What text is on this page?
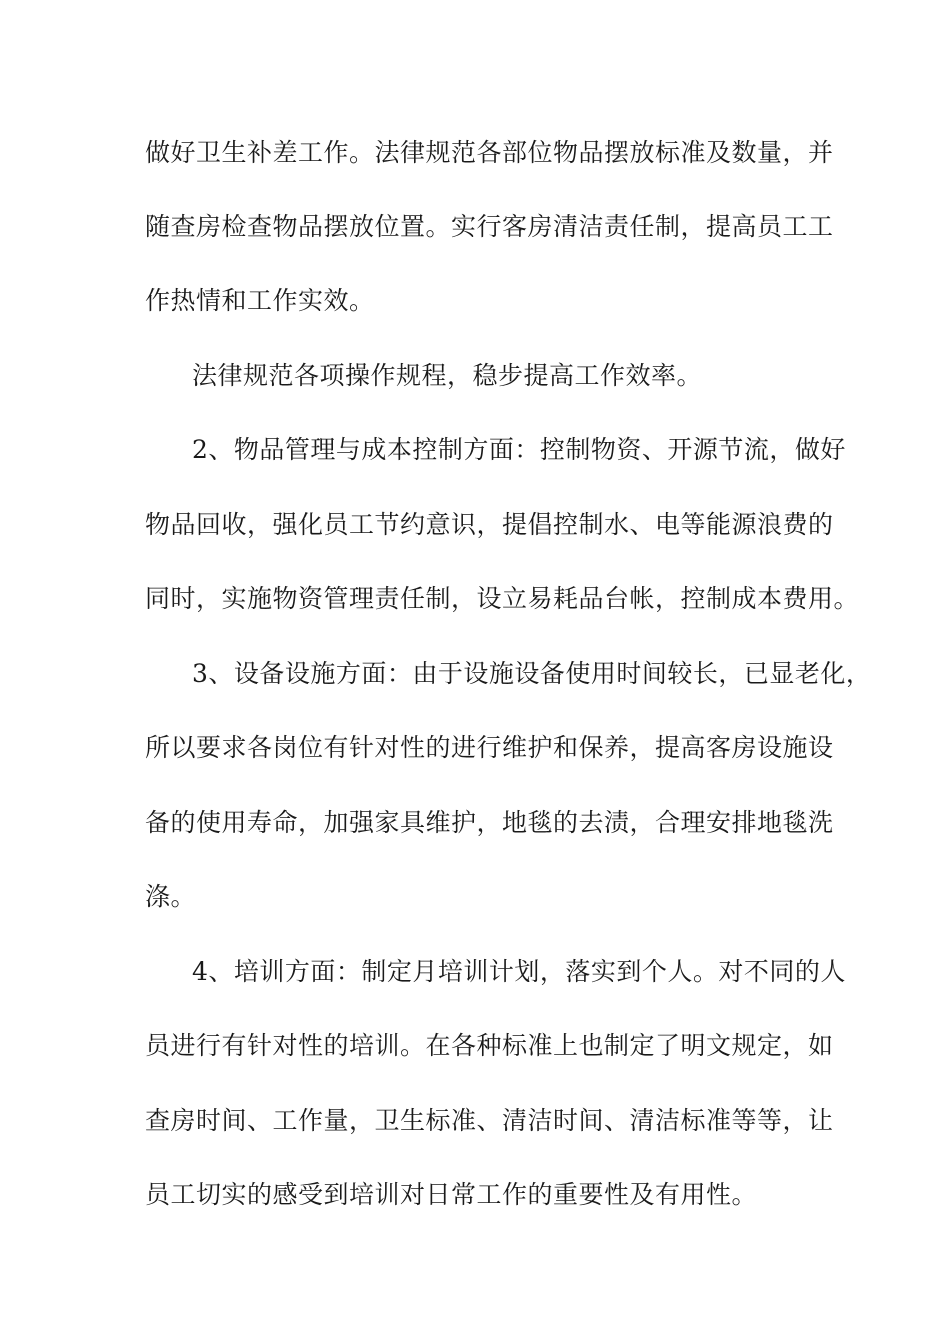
做好卫生补差工作。法律规范各部位物品摆放标准及数量，并
随查房检查物品摆放位置。实行客房清洁责任制，提高员工工
作热情和工作实效。
法律规范各项操作规程，稳步提高工作效率。
2、物品管理与成本控制方面：控制物资、开源节流，做好
物品回收，强化员工节约意识，提倡控制水、电等能源浪费的
同时，实施物资管理责任制，设立易耗品台帐，控制成本费用。
3、设备设施方面：由于设施设备使用时间较长，已显老化，
所以要求各岗位有针对性的进行维护和保养，提高客房设施设
备的使用寿命，加强家具维护，地毯的去渍，合理安排地毯洗
涤。
4、培训方面：制定月培训计划，落实到个人。对不同的人
员进行有针对性的培训。在各种标准上也制定了明文规定，如
查房时间、工作量，卫生标准、清洁时间、清洁标准等等，让
员工切实的感受到培训对日常工作的重要性及有用性。
